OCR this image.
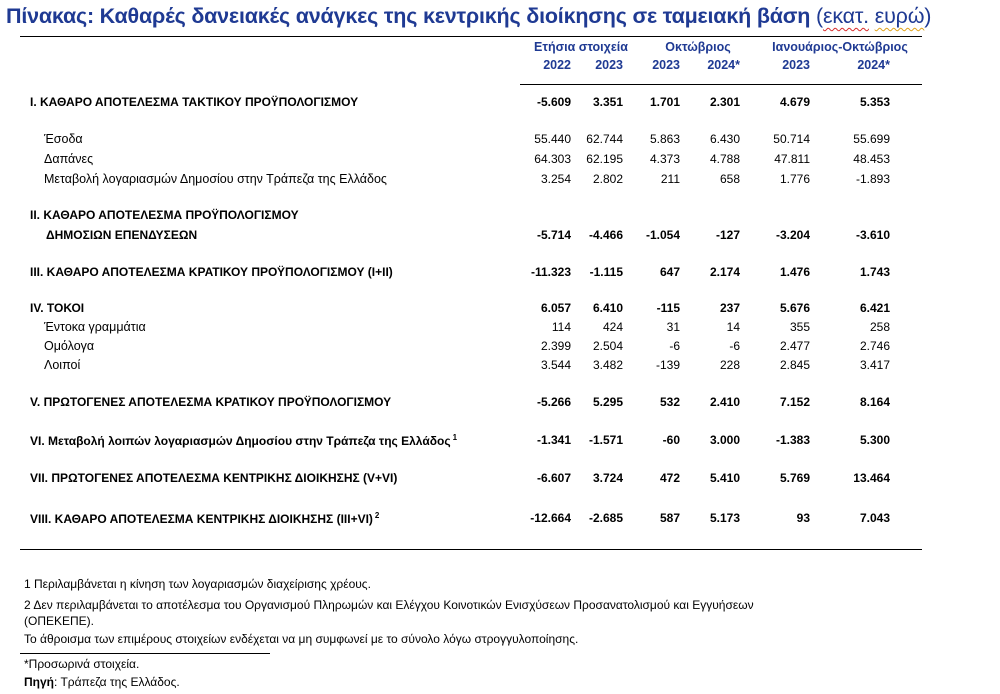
Πίνακας: Καθαρές δανειακές ανάγκες της κεντρικής διοίκησης σε ταμειακή βάση (εκατ. ευρώ)
Ετήσια στοιχεία	Οκτώβριος	Ιανουάριος-Οκτώβριος
2022	2023	2023	2024*	2023	2024*
I. ΚΑΘΑΡΟ ΑΠΟΤΕΛΕΣΜΑ ΤΑΚΤΙΚΟΥ ΠΡΟΫΠΟΛΟΓΙΣΜΟΥ	-5.609	3.351	1.701	2.301	4.679	5.353
Έσοδα	55.440	62.744	5.863	6.430	50.714	55.699
Δαπάνες	64.303	62.195	4.373	4.788	47.811	48.453
Μεταβολή λογαριασμών Δημοσίου στην Τράπεζα της Ελλάδος	3.254	2.802	211	658	1.776	-1.893
II. ΚΑΘΑΡΟ ΑΠΟΤΕΛΕΣΜΑ ΠΡΟΫΠΟΛΟΓΙΣΜΟΥ
ΔΗΜΟΣΙΩΝ ΕΠΕΝΔΥΣΕΩΝ	-5.714	-4.466	-1.054	-127	-3.204	-3.610
III. ΚΑΘΑΡΟ ΑΠΟΤΕΛΕΣΜΑ ΚΡΑΤΙΚΟΥ ΠΡΟΫΠΟΛΟΓΙΣΜΟΥ (I+II)	-11.323	-1.115	647	2.174	1.476	1.743
IV. ΤΟΚΟΙ	6.057	6.410	-115	237	5.676	6.421
Έντοκα γραμμάτια	114	424	31	14	355	258
Ομόλογα	2.399	2.504	-6	-6	2.477	2.746
Λοιποί	3.544	3.482	-139	228	2.845	3.417
V. ΠΡΩΤΟΓΕΝΕΣ ΑΠΟΤΕΛΕΣΜΑ ΚΡΑΤΙΚΟΥ ΠΡΟΫΠΟΛΟΓΙΣΜΟΥ	-5.266	5.295	532	2.410	7.152	8.164
VI. Μεταβολή λοιπών λογαριασμών Δημοσίου στην Τράπεζα της Ελλάδος $^1$	-1.341	-1.571	-60	3.000	-1.383	5.300
VII. ΠΡΩΤΟΓΕΝΕΣ ΑΠΟΤΕΛΕΣΜΑ ΚΕΝΤΡΙΚΗΣ ΔΙΟΙΚΗΣΗΣ (V+VI)	-6.607	3.724	472	5.410	5.769	13.464
VIII. ΚΑΘΑΡΟ ΑΠΟΤΕΛΕΣΜΑ ΚΕΝΤΡΙΚΗΣ ΔΙΟΙΚΗΣΗΣ (III+VI) $^2$	-12.664	-2.685	587	5.173	93	7.043
1 Περιλαμβάνεται η κίνηση των λογαριασμών διαχείρισης χρέους.
2 Δεν περιλαμβάνεται το αποτέλεσμα του Οργανισμού Πληρωμών και Ελέγχου Κοινοτικών Ενισχύσεων Προσανατολισμού και Εγγυήσεων
(ΟΠΕΚΕΠΕ).
Το άθροισμα των επιμέρους στοιχείων ενδέχεται να μη συμφωνεί με το σύνολο λόγω στρογγυλοποίησης.
*Προσωρινά στοιχεία.
Πηγή: Τράπεζα της Ελλάδος.
